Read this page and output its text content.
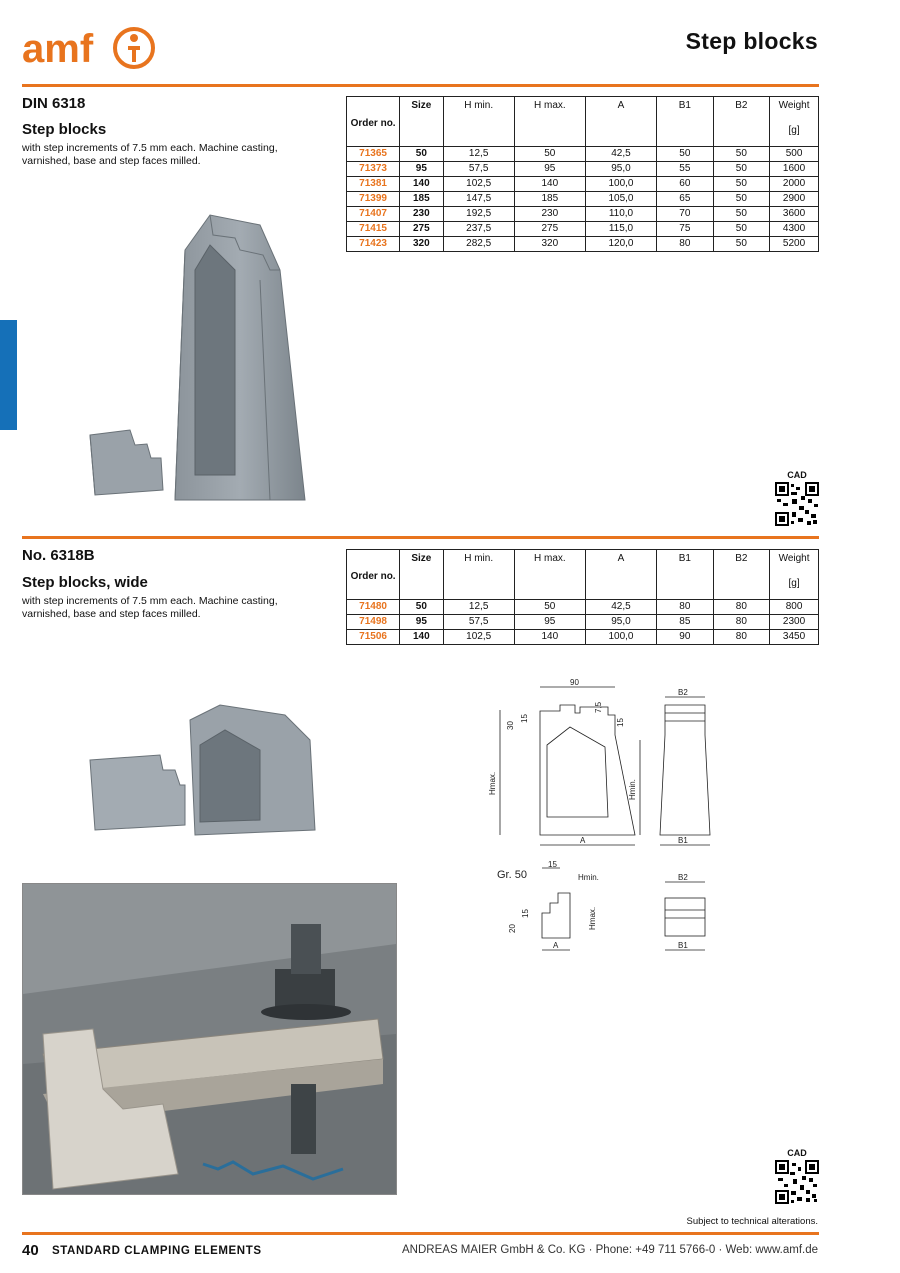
amf	Step blocks
DIN 6318
Step blocks
with step increments of 7.5 mm each. Machine casting, varnished, base and step faces milled.
Order no.	Size	H min.	H max.	A	B1	B2	Weight
[g]

71365	50	12,5	50	42,5	50	50	500
71373	95	57,5	95	95,0	55	50	1600
71381	140	102,5	140	100,0	60	50	2000
71399	185	147,5	185	105,0	65	50	2900
71407	230	192,5	230	110,0	70	50	3600
71415	275	237,5	275	115,0	75	50	4300
71423	320	282,5	320	120,0	80	50	5200
CAD
No. 6318B
Step blocks, wide
with step increments of 7.5 mm each. Machine casting, varnished, base and step faces milled.
Order no.	Size	H min.	H max.	A	B1	B2	Weight
[g]

71480	50	12,5	50	42,5	80	80	800
71498	95	57,5	95	95,0	85	80	2300
71506	140	102,5	140	100,0	90	80	3450
90
Hmax.
30
15
7,5
15
Hmin.
A
B2
B1
Gr. 50
15
Hmin.
15
20	Hmax.
A
B2
B1
CAD
Subject to technical alterations.
40 STANDARD CLAMPING ELEMENTS	ANDREAS MAIER GmbH & Co. KG · Phone: +49 711 5766-0 · Web: www.amf.de
